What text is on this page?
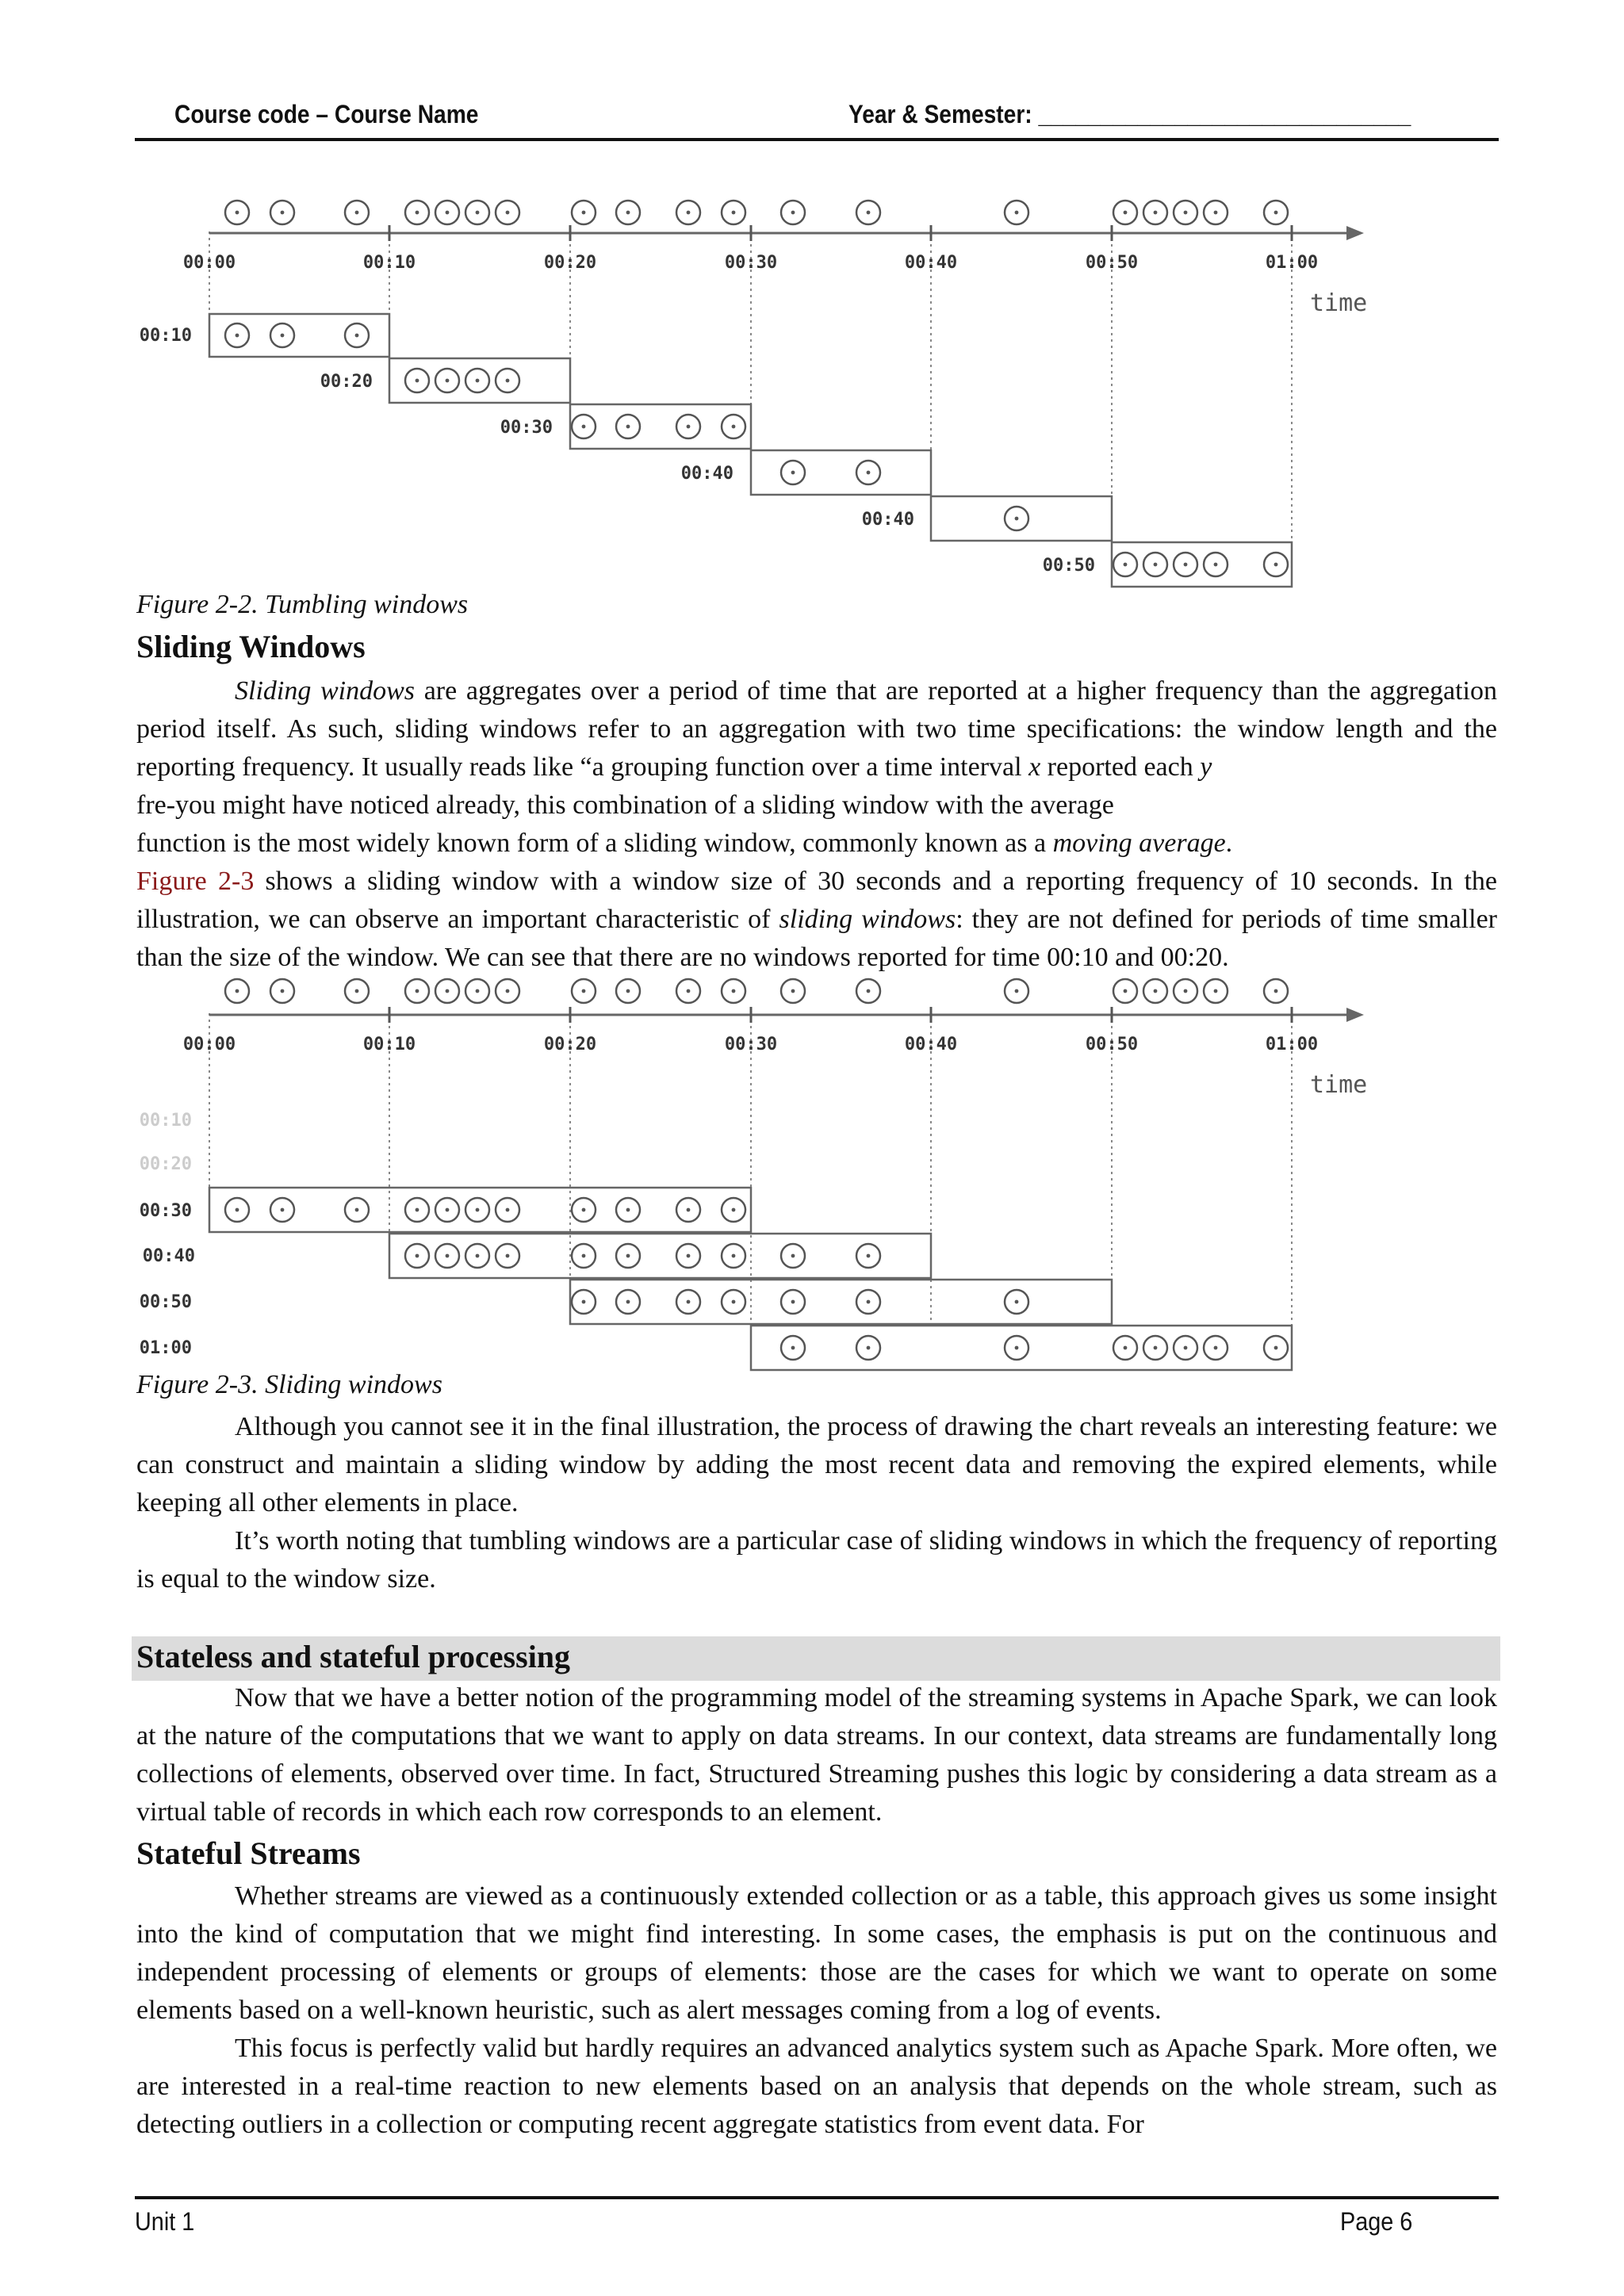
Course code – Course Name	Year & Semester: ______________________________
00:00	00:10	00:20	00:30	00:40	00:50	01:00
time
00:10
00:20
00:30
00:40
00:40
00:50
Figure 2-2. Tumbling windows
Sliding Windows

Sliding windows are aggregates over a period of time that are reported at a higher frequency than the aggregation period itself. As such, sliding windows refer to an aggregation with two time specifications: the window length and the reporting frequency. It usually reads like “a grouping function over a time interval x reported each y

fre-you might have noticed already, this combination of a sliding window with the average

function is the most widely known form of a sliding window, commonly known as a moving average.

Figure 2-3 shows a sliding window with a window size of 30 seconds and a reporting frequency of 10 seconds. In the illustration, we can observe an important characteristic of sliding windows: they are not defined for periods of time smaller than the size of the window. We can see that there are no windows reported for time 00:10 and 00:20.

00:00	00:10	00:20	00:30	00:40	00:50	01:00
time
00:10
00:20
00:30
00:40
00:50
01:00
Figure 2-3. Sliding windows

Although you cannot see it in the final illustration, the process of drawing the chart reveals an interesting feature: we can construct and maintain a sliding window by adding the most recent data and removing the expired elements, while keeping all other elements in place.

It’s worth noting that tumbling windows are a particular case of sliding windows in which the frequency of reporting is equal to the window size.

Stateless and stateful processing

Now that we have a better notion of the programming model of the streaming systems in Apache Spark, we can look at the nature of the computations that we want to apply on data streams. In our context, data streams are fundamentally long collections of elements, observed over time. In fact, Structured Streaming pushes this logic by considering a data stream as a virtual table of records in which each row corresponds to an element.

Stateful Streams

Whether streams are viewed as a continuously extended collection or as a table, this approach gives us some insight into the kind of computation that we might find interesting. In some cases, the emphasis is put on the continuous and independent processing of elements or groups of elements: those are the cases for which we want to operate on some elements based on a well-known heuristic, such as alert messages coming from a log of events.

This focus is perfectly valid but hardly requires an advanced analytics system such as Apache Spark. More often, we are interested in a real-time reaction to new elements based on an analysis that depends on the whole stream, such as detecting outliers in a collection or computing recent aggregate statistics from event data. For

Unit 1	Page 6
